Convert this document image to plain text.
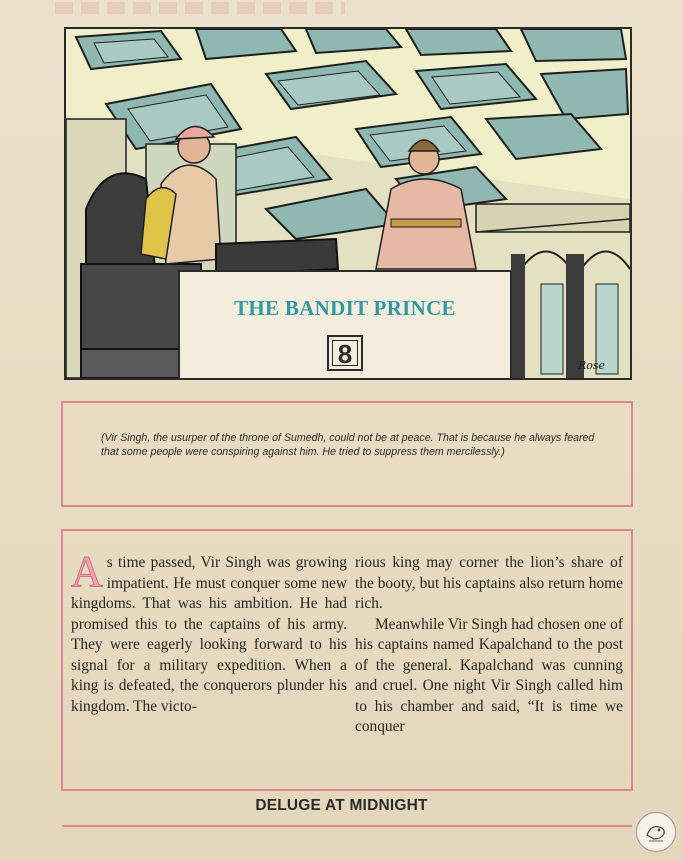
Rose
THE BANDIT PRINCE
8
(Vir Singh, the usurper of the throne of Sumedh, could not be at peace. That is because he always feared that some people were conspiring against him. He tried to suppress them mercilessly.)
As time passed, Vir Singh was growing impatient. He must conquer some new kingdoms. That was his ambition. He had promised this to the captains of his army. They were eagerly looking forward to his signal for a military expedition. When a king is defeated, the conquerors plunder his kingdom. The victo-
rious king may corner the lion’s share of the booty, but his captains also return home rich.
Meanwhile Vir Singh had chosen one of his captains named Kapalchand to the post of the general. Kapalchand was cunning and cruel. One night Vir Singh called him to his chamber and said, “It is time we conquer
DELUGE AT MIDNIGHT
